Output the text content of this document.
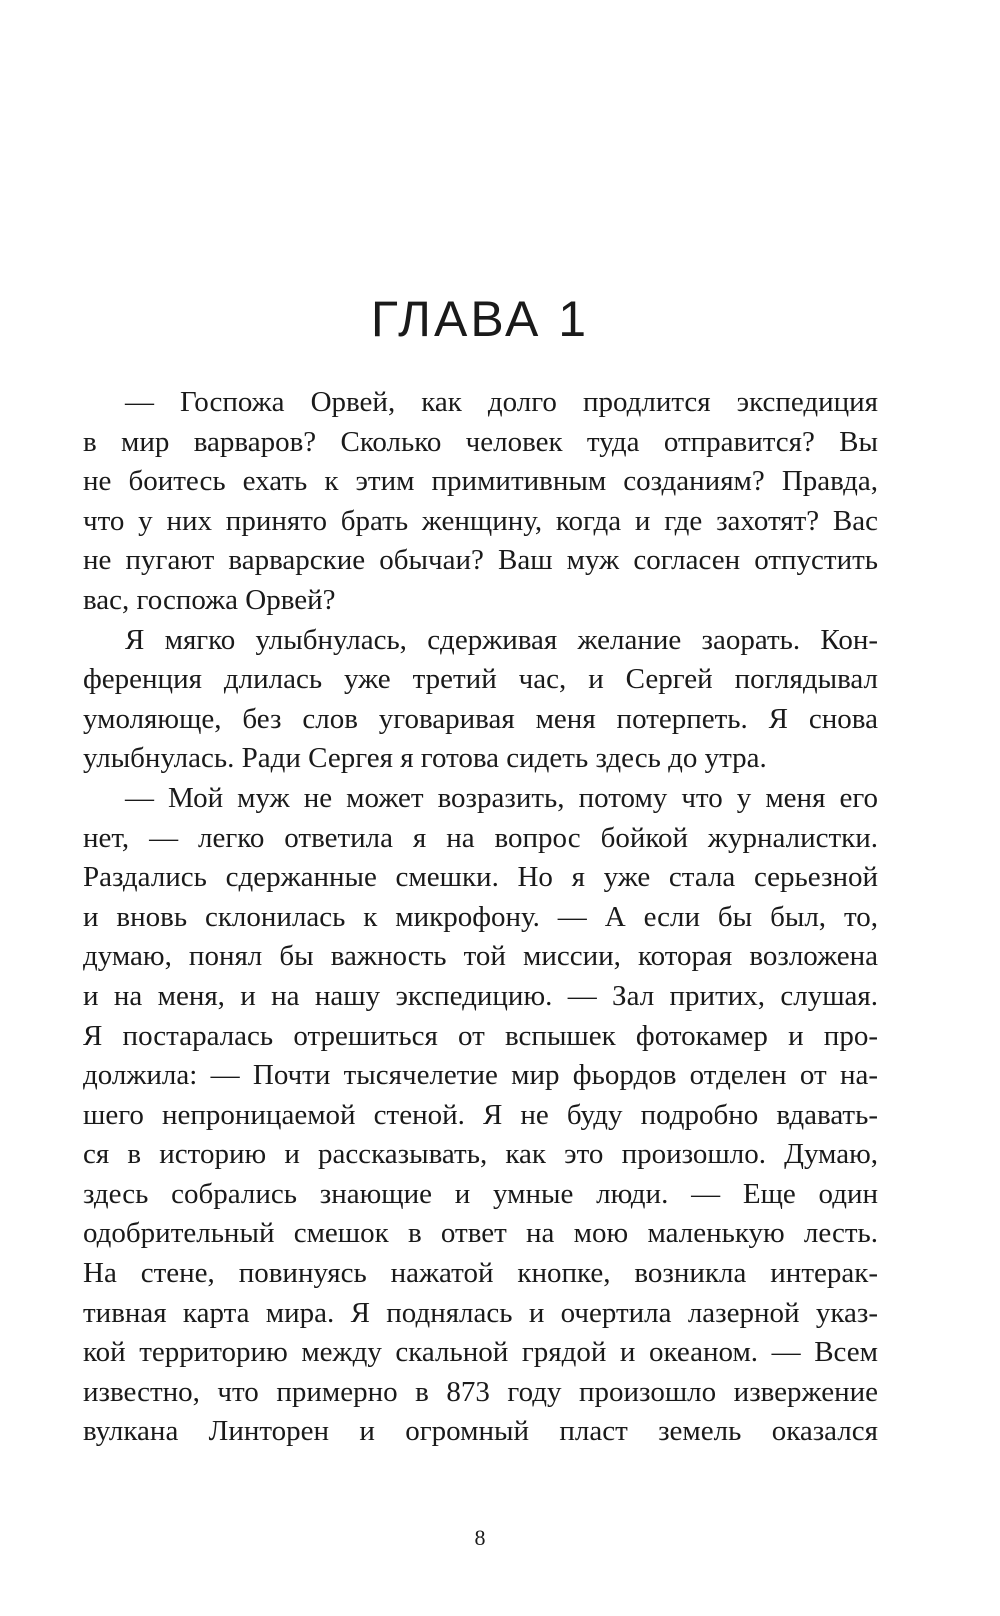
ГЛАВА 1
— Госпожа Орвей, как долго продлится экспедиция
в мир варваров? Сколько человек туда отправится? Вы
не боитесь ехать к этим примитивным созданиям? Правда,
что у них принято брать женщину, когда и где захотят? Вас
не пугают варварские обычаи? Ваш муж согласен отпустить
вас, госпожа Орвей?
Я мягко улыбнулась, сдерживая желание заорать. Кон-
ференция длилась уже третий час, и Сергей поглядывал
умоляюще, без слов уговаривая меня потерпеть. Я снова
улыбнулась. Ради Сергея я готова сидеть здесь до утра.
— Мой муж не может возразить, потому что у меня его
нет, — легко ответила я на вопрос бойкой журналистки.
Раздались сдержанные смешки. Но я уже стала серьезной
и вновь склонилась к микрофону. — А если бы был, то,
думаю, понял бы важность той миссии, которая возложена
и на меня, и на нашу экспедицию. — Зал притих, слушая.
Я постаралась отрешиться от вспышек фотокамер и про-
должила: — Почти тысячелетие мир фьордов отделен от на-
шего непроницаемой стеной. Я не буду подробно вдавать-
ся в историю и рассказывать, как это произошло. Думаю,
здесь собрались знающие и умные люди. — Еще один
одобрительный смешок в ответ на мою маленькую лесть.
На стене, повинуясь нажатой кнопке, возникла интерак-
тивная карта мира. Я поднялась и очертила лазерной указ-
кой территорию между скальной грядой и океаном. — Всем
известно, что примерно в 873 году произошло извержение
вулкана Линторен и огромный пласт земель оказался
8
